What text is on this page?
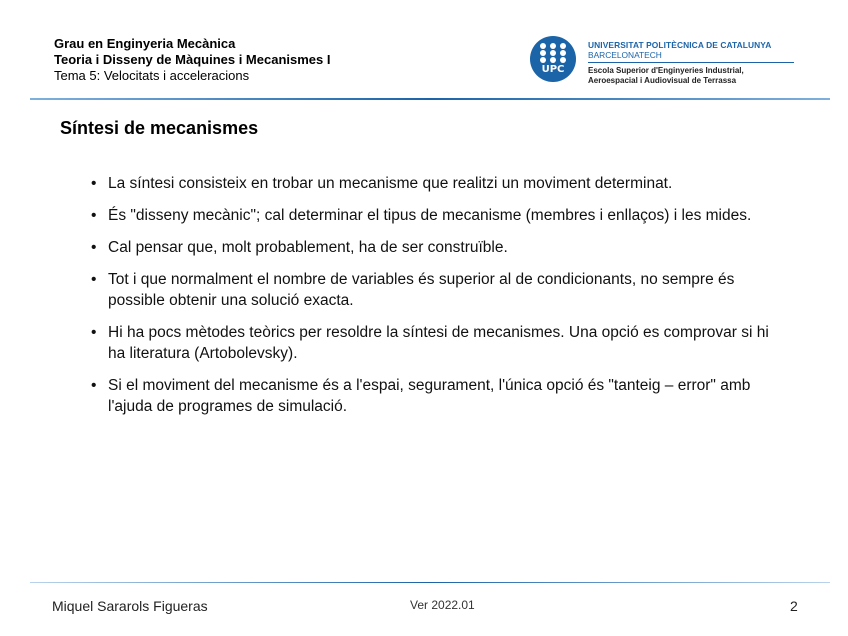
Grau en Enginyeria Mecànica
Teoria i Disseny de Màquines i Mecanismes I
Tema 5: Velocitats i acceleracions	UPC
UNIVERSITAT POLITÈCNICA DE CATALUNYA
BARCELONATECH
Escola Superior d'Enginyeries Industrial,
Aeroespacial i Audiovisual de Terrassa
Síntesi de mecanismes
• La síntesi consisteix en trobar un mecanisme que realitzi un moviment determinat.
• És "disseny mecànic"; cal determinar el tipus de mecanisme (membres i enllaços) i les mides.
• Cal pensar que, molt probablement, ha de ser construïble.
• Tot i que normalment el nombre de variables és superior al de condicionants, no sempre és possible obtenir una solució exacta.
• Hi ha pocs mètodes teòrics per resoldre la síntesi de mecanismes. Una opció es comprovar si hi ha literatura (Artobolevsky).
• Si el moviment del mecanisme és a l'espai, segurament, l'única opció és "tanteig – error" amb l'ajuda de programes de simulació.
Miquel Sararols Figueras	Ver 2022.01	2
